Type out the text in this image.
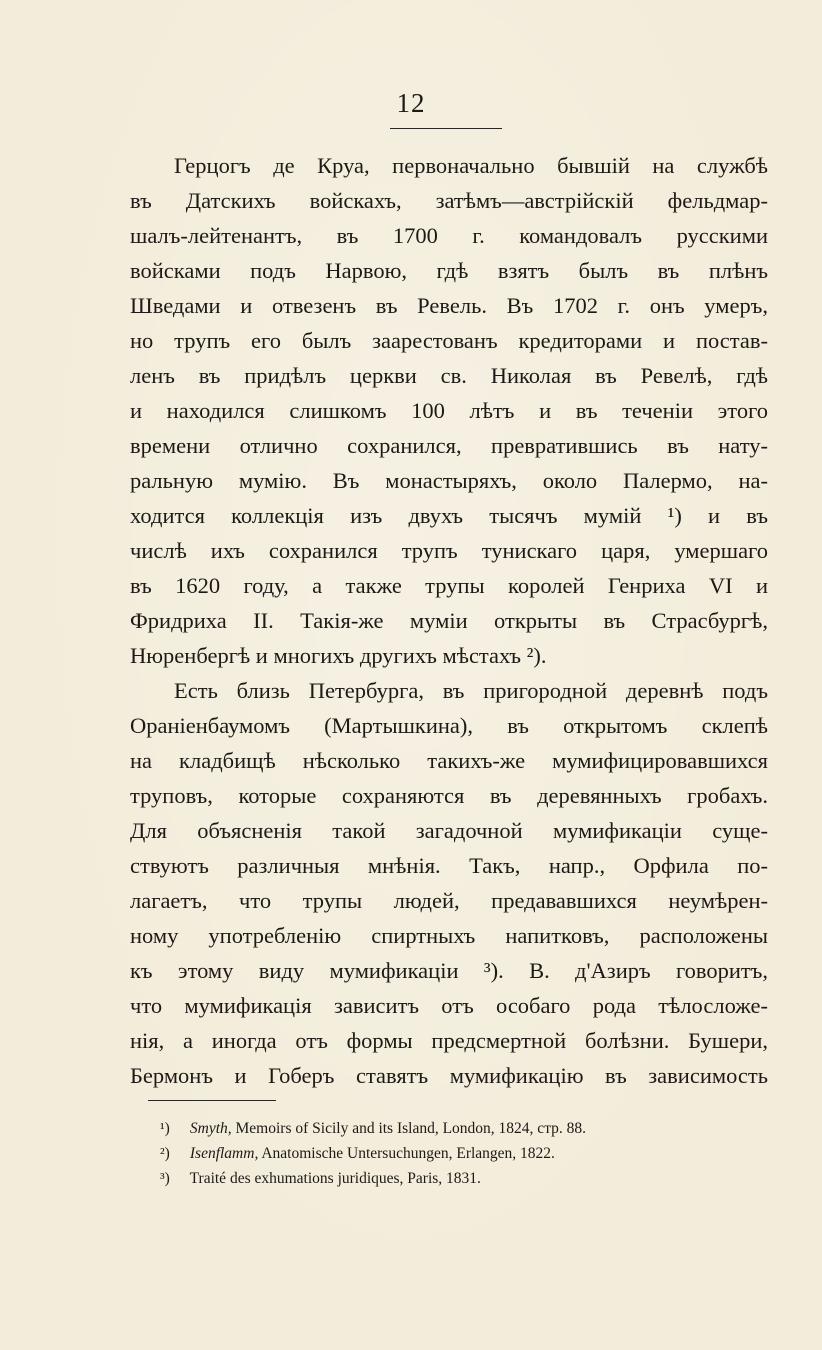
12
Герцогъ де Круа, первоначально бывшiй на службѣ
въ Датскихъ войскахъ, затѣмъ—австрiйскiй фельдмар-
шалъ-лейтенантъ, въ 1700 г. командовалъ русскими
войсками подъ Нарвою, гдѣ взятъ былъ въ плѣнъ
Шведами и отвезенъ въ Ревель. Въ 1702 г. онъ умеръ,
но трупъ его былъ заарестованъ кредиторами и постав-
ленъ въ придѣлъ церкви св. Николая въ Ревелѣ, гдѣ
и находился слишкомъ 100 лѣтъ и въ теченiи этого
времени отлично сохранился, превратившись въ нату-
ральную мумiю. Въ монастыряхъ, около Палермо, на-
ходится коллекцiя изъ двухъ тысячъ мумiй ¹) и въ
числѣ ихъ сохранился трупъ тунискаго царя, умершаго
въ 1620 году, а также трупы королей Генриха VI и
Фридриха II. Такiя-же мумiи открыты въ Страсбургѣ,
Нюренбергѣ и многихъ другихъ мѣстахъ ²).
Есть близь Петербурга, въ пригородной деревнѣ подъ
Ораніенбаумомъ (Мартышкина), въ открытомъ склепѣ
на кладбищѣ нѣсколько такихъ-же мумифицировавшихся
труповъ, которые сохраняются въ деревянныхъ гробахъ.
Для объясненiя такой загадочной мумификацiи суще-
ствуютъ различныя мнѣнiя. Такъ, напр., Орфила по-
лагаетъ, что трупы людей, предававшихся неумѣрен-
ному употребленiю спиртныхъ напитковъ, расположены
къ этому виду мумификацiи ³). В. д'Азиръ говоритъ,
что мумификацiя зависитъ отъ особаго рода тѣлосложе-
нiя, а иногда отъ формы предсмертной болѣзни. Бушери,
Бермонъ и Гоберъ ставятъ мумификацiю въ зависимость
¹) Smyth, Memoirs of Sicily and its Island, London, 1824, стр. 88.
²) Isenflamm, Anatomische Untersuchungen, Erlangen, 1822.
³) Traité des exhumations juridiques, Paris, 1831.
